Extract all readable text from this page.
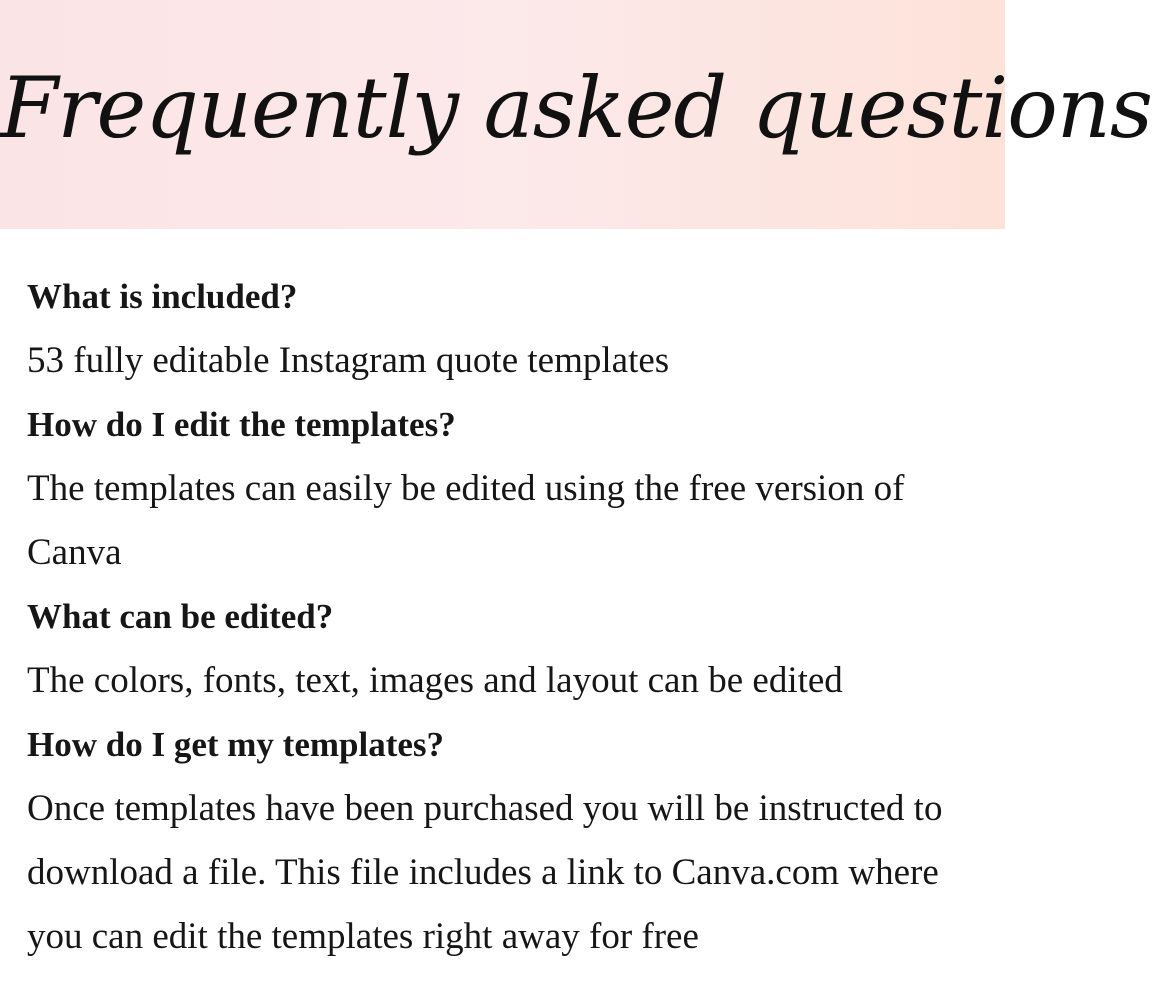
Frequently asked questions
What is included?
53 fully editable Instagram quote templates
How do I edit the templates?
The templates can easily be edited using the free version of Canva
What can be edited?
The colors, fonts, text, images and layout can be edited
How do I get my templates?
Once templates have been purchased you will be instructed to download a file. This file includes a link to Canva.com where you can edit the templates right away for free
